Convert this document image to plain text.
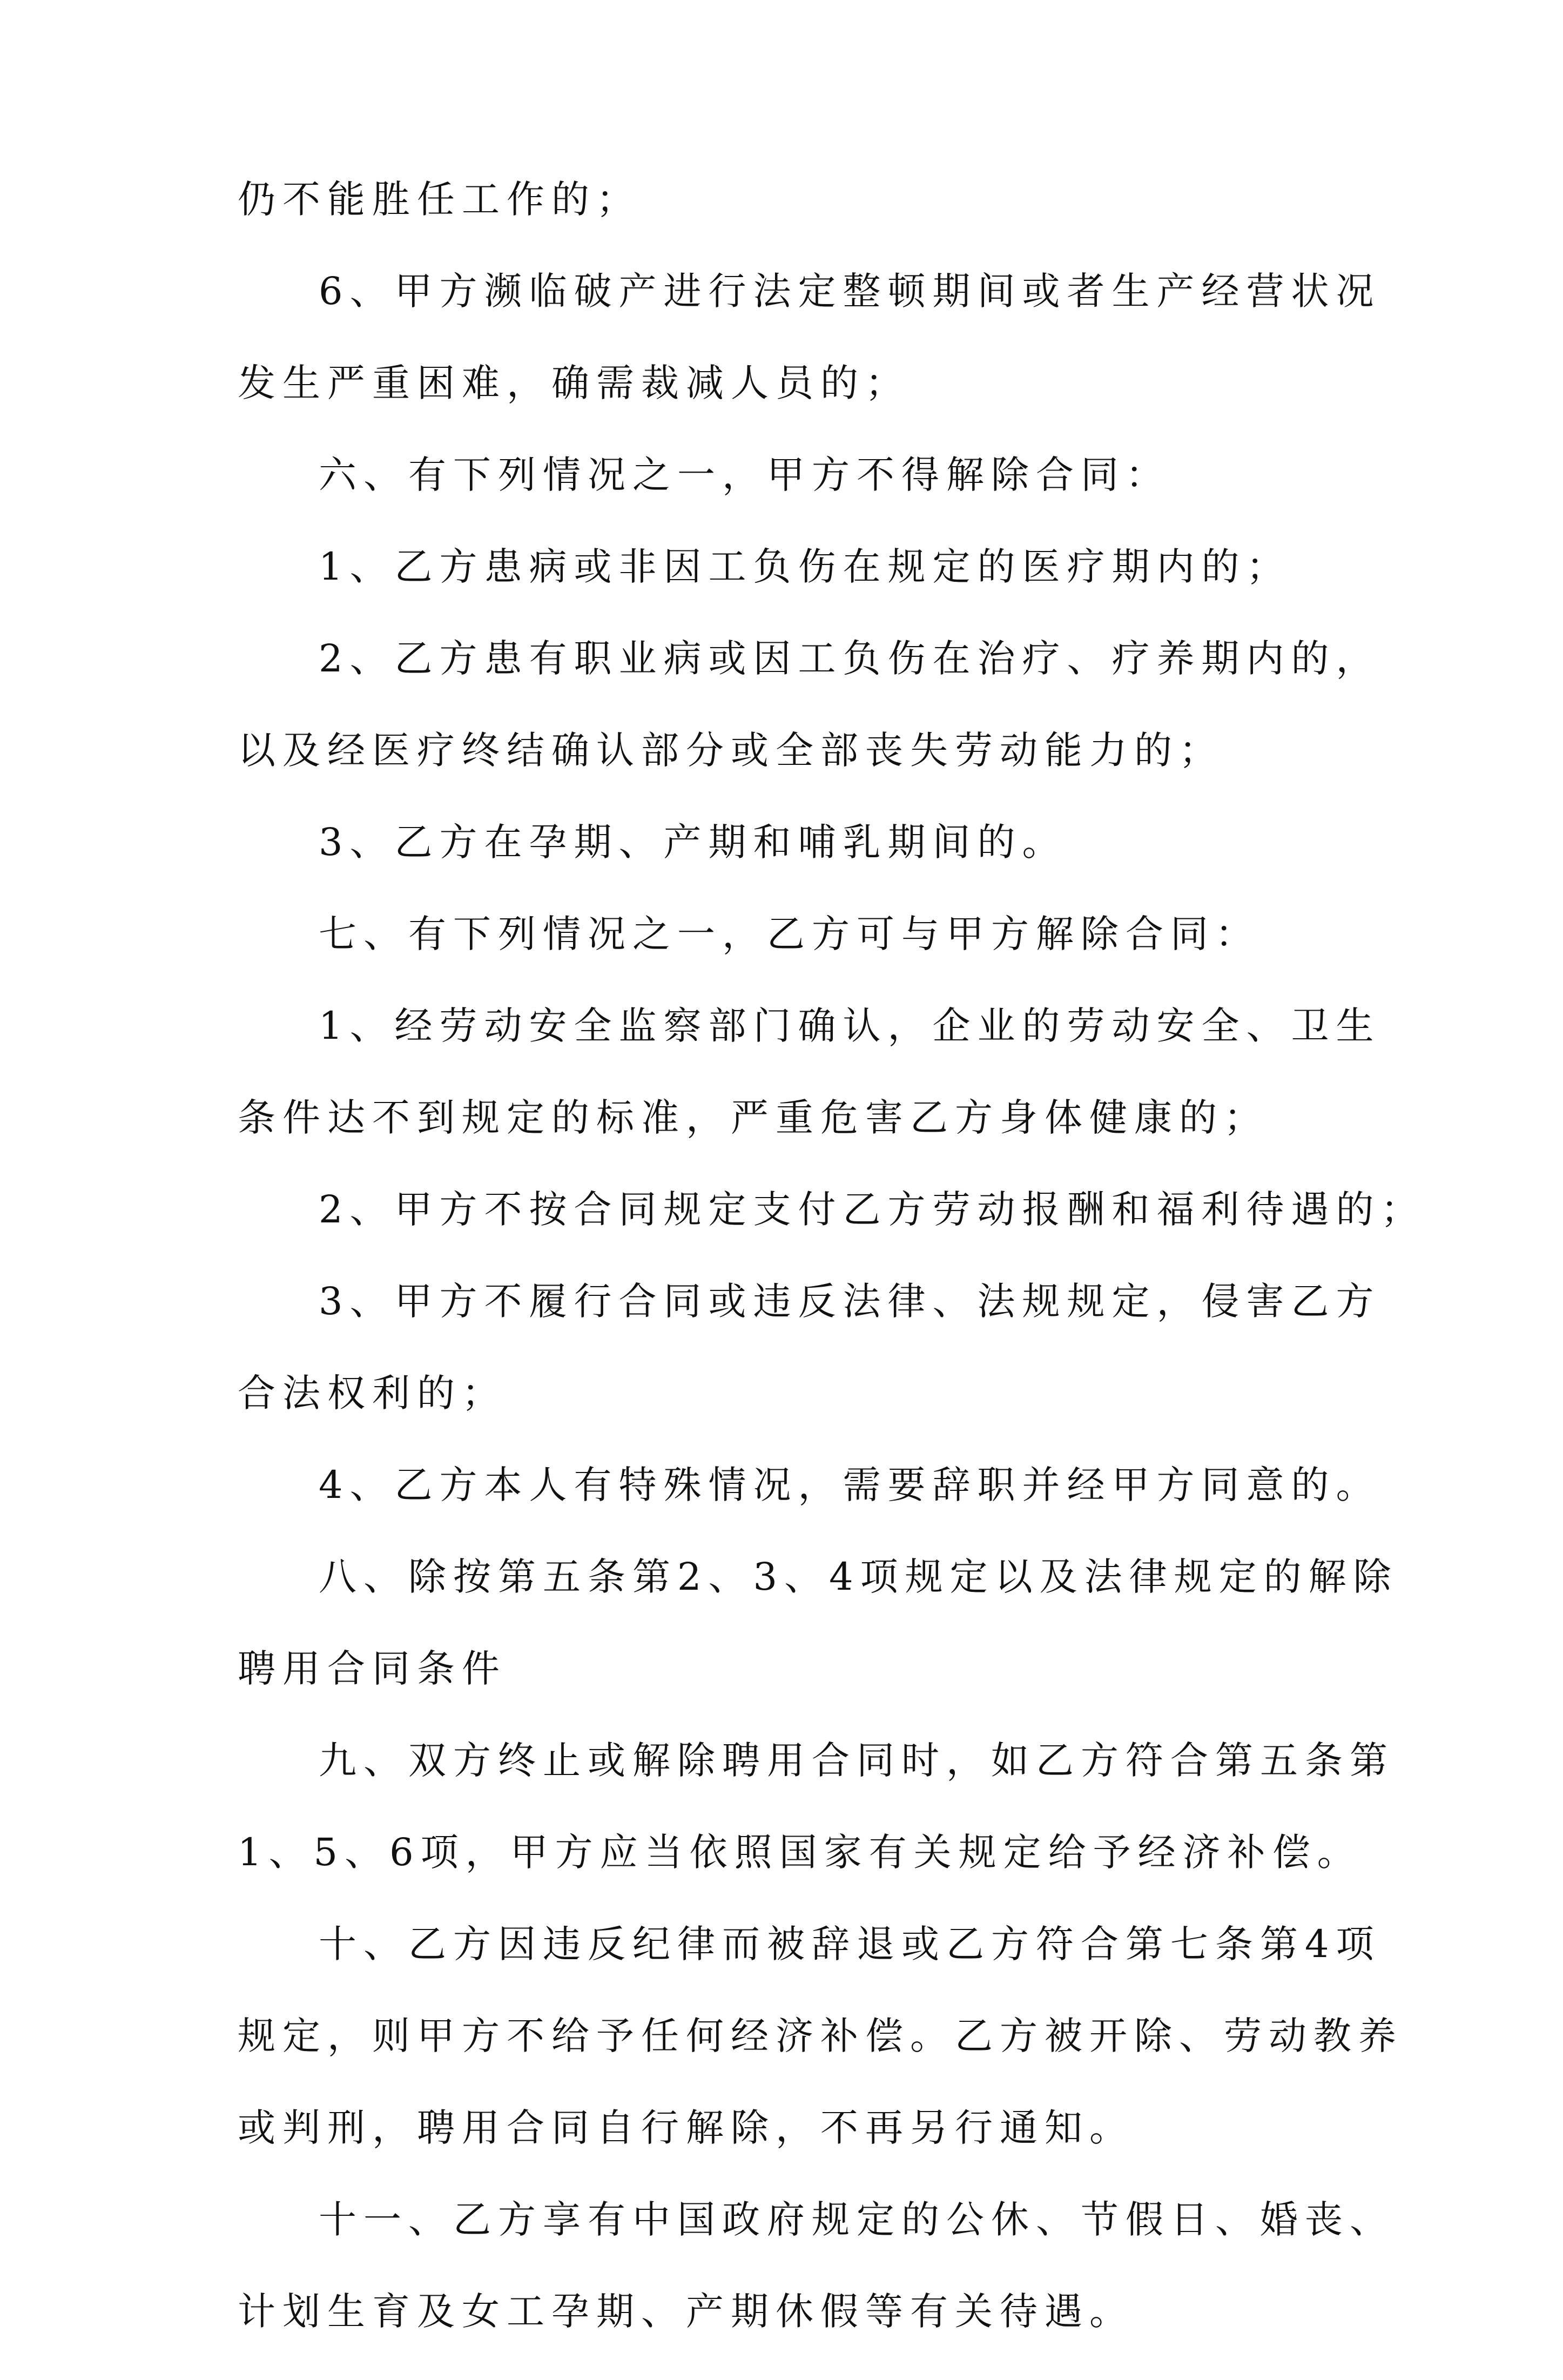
仍不能胜任工作的；
6、甲方濒临破产进行法定整顿期间或者生产经营状况
发生严重困难，确需裁减人员的；
六、有下列情况之一，甲方不得解除合同：
1、乙方患病或非因工负伤在规定的医疗期内的；
2、乙方患有职业病或因工负伤在治疗、疗养期内的，
以及经医疗终结确认部分或全部丧失劳动能力的；
3、乙方在孕期、产期和哺乳期间的。
七、有下列情况之一，乙方可与甲方解除合同：
1、经劳动安全监察部门确认，企业的劳动安全、卫生
条件达不到规定的标准，严重危害乙方身体健康的；
2、甲方不按合同规定支付乙方劳动报酬和福利待遇的；
3、甲方不履行合同或违反法律、法规规定，侵害乙方
合法权利的；
4、乙方本人有特殊情况，需要辞职并经甲方同意的。
八、除按第五条第2、3、4项规定以及法律规定的解除
聘用合同条件
九、双方终止或解除聘用合同时，如乙方符合第五条第
1、5、6项，甲方应当依照国家有关规定给予经济补偿。
十、乙方因违反纪律而被辞退或乙方符合第七条第4项
规定，则甲方不给予任何经济补偿。乙方被开除、劳动教养
或判刑，聘用合同自行解除，不再另行通知。
十一、乙方享有中国政府规定的公休、节假日、婚丧、
计划生育及女工孕期、产期休假等有关待遇。
